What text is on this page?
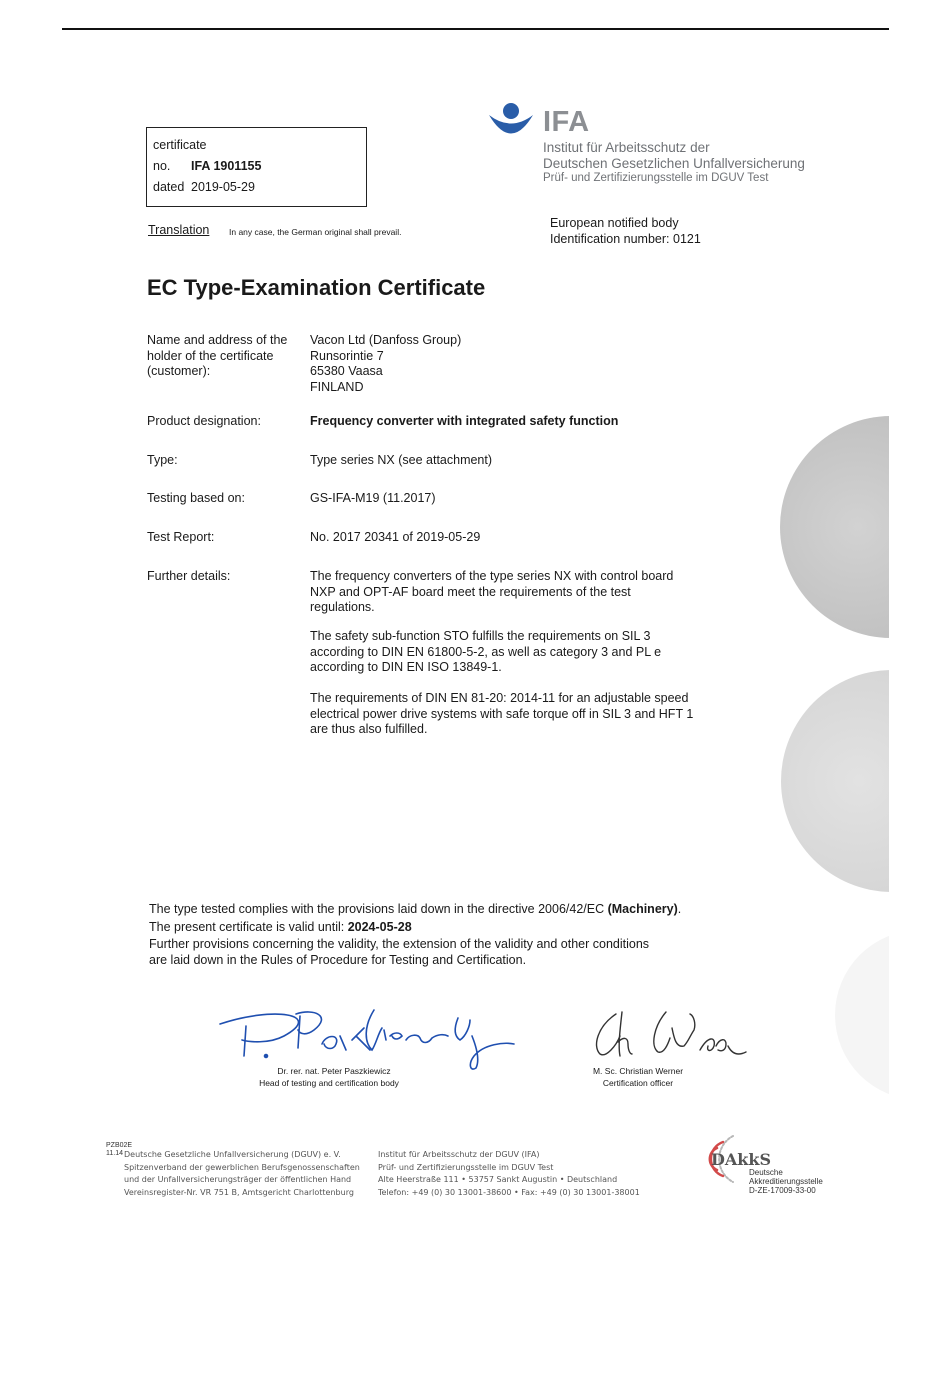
certificate
no. IFA 1901155
dated 2019-05-29
IFA
Institut für Arbeitsschutz der
Deutschen Gesetzlichen Unfallversicherung
Prüf- und Zertifizierungsstelle im DGUV Test
Translation In any case, the German original shall prevail.
European notified body
Identification number: 0121
EC Type-Examination Certificate
Name and address of the
holder of the certificate
(customer):
Vacon Ltd (Danfoss Group)
Runsorintie 7
65380 Vaasa
FINLAND
Product designation:	Frequency converter with integrated safety function
Type:	Type series NX (see attachment)
Testing based on:	GS-IFA-M19 (11.2017)
Test Report:	No. 2017 20341 of 2019-05-29
Further details:	The frequency converters of the type series NX with control board
NXP and OPT-AF board meet the requirements of the test
regulations.
The safety sub-function STO fulfills the requirements on SIL 3
according to DIN EN 61800-5-2, as well as category 3 and PL e
according to DIN EN ISO 13849-1.
The requirements of DIN EN 81-20: 2014-11 for an adjustable speed
electrical power drive systems with safe torque off in SIL 3 and HFT 1
are thus also fulfilled.
The type tested complies with the provisions laid down in the directive 2006/42/EC (Machinery).
The present certificate is valid until: 2024-05-28
Further provisions concerning the validity, the extension of the validity and other conditions
are laid down in the Rules of Procedure for Testing and Certification.
Dr. rer. nat. Peter Paszkiewicz
Head of testing and certification body
M. Sc. Christian Werner
Certification officer
PZB02E
11.14 Deutsche Gesetzliche Unfallversicherung (DGUV) e. V.
Spitzenverband der gewerblichen Berufsgenossenschaften
und der Unfallversicherungsträger der öffentlichen Hand
Vereinsregister-Nr. VR 751 B, Amtsgericht Charlottenburg
Institut für Arbeitsschutz der DGUV (IFA)
Prüf- und Zertifizierungsstelle im DGUV Test
Alte Heerstraße 111 • 53757 Sankt Augustin • Deutschland
Telefon: +49 (0) 30 13001-38600 • Fax: +49 (0) 30 13001-38001
DAkkS
Deutsche
Akkreditierungsstelle
D-ZE-17009-33-00
